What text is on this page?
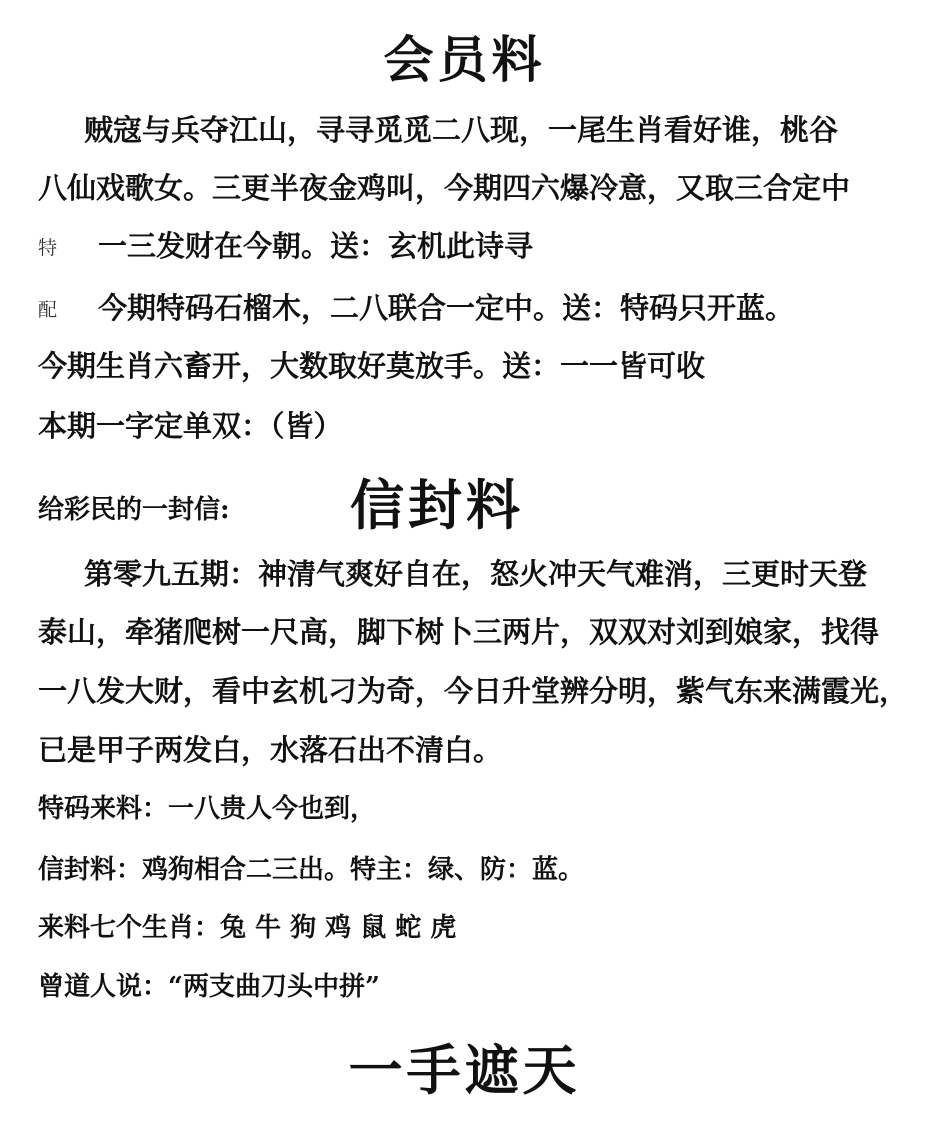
会员料
贼寇与兵夺江山，寻寻觅觅二八现，一尾生肖看好谁，桃谷
八仙戏歌女。三更半夜金鸡叫，今期四六爆冷意，又取三合定中
特 一三发财在今朝。送：玄机此诗寻
配 今期特码石榴木，二八联合一定中。送：特码只开蓝。
今期生肖六畜开，大数取好莫放手。送：一一皆可收
本期一字定单双：（皆）
给彩民的一封信: 信封料
第零九五期：神清气爽好自在，怒火冲天气难消，三更时天登
泰山，牵猪爬树一尺高，脚下树卜三两片，双双对刘到娘家，找得
一八发大财，看中玄机刁为奇，今日升堂辨分明，紫气东来满霞光，
已是甲子两发白，水落石出不清白。
特码来料：一八贵人今也到，
信封料：鸡狗相合二三出。特主：绿、防：蓝。
来料七个生肖：兔 牛 狗 鸡 鼠 蛇 虎
曾道人说：“两支曲刀头中拼”
一手遮天
